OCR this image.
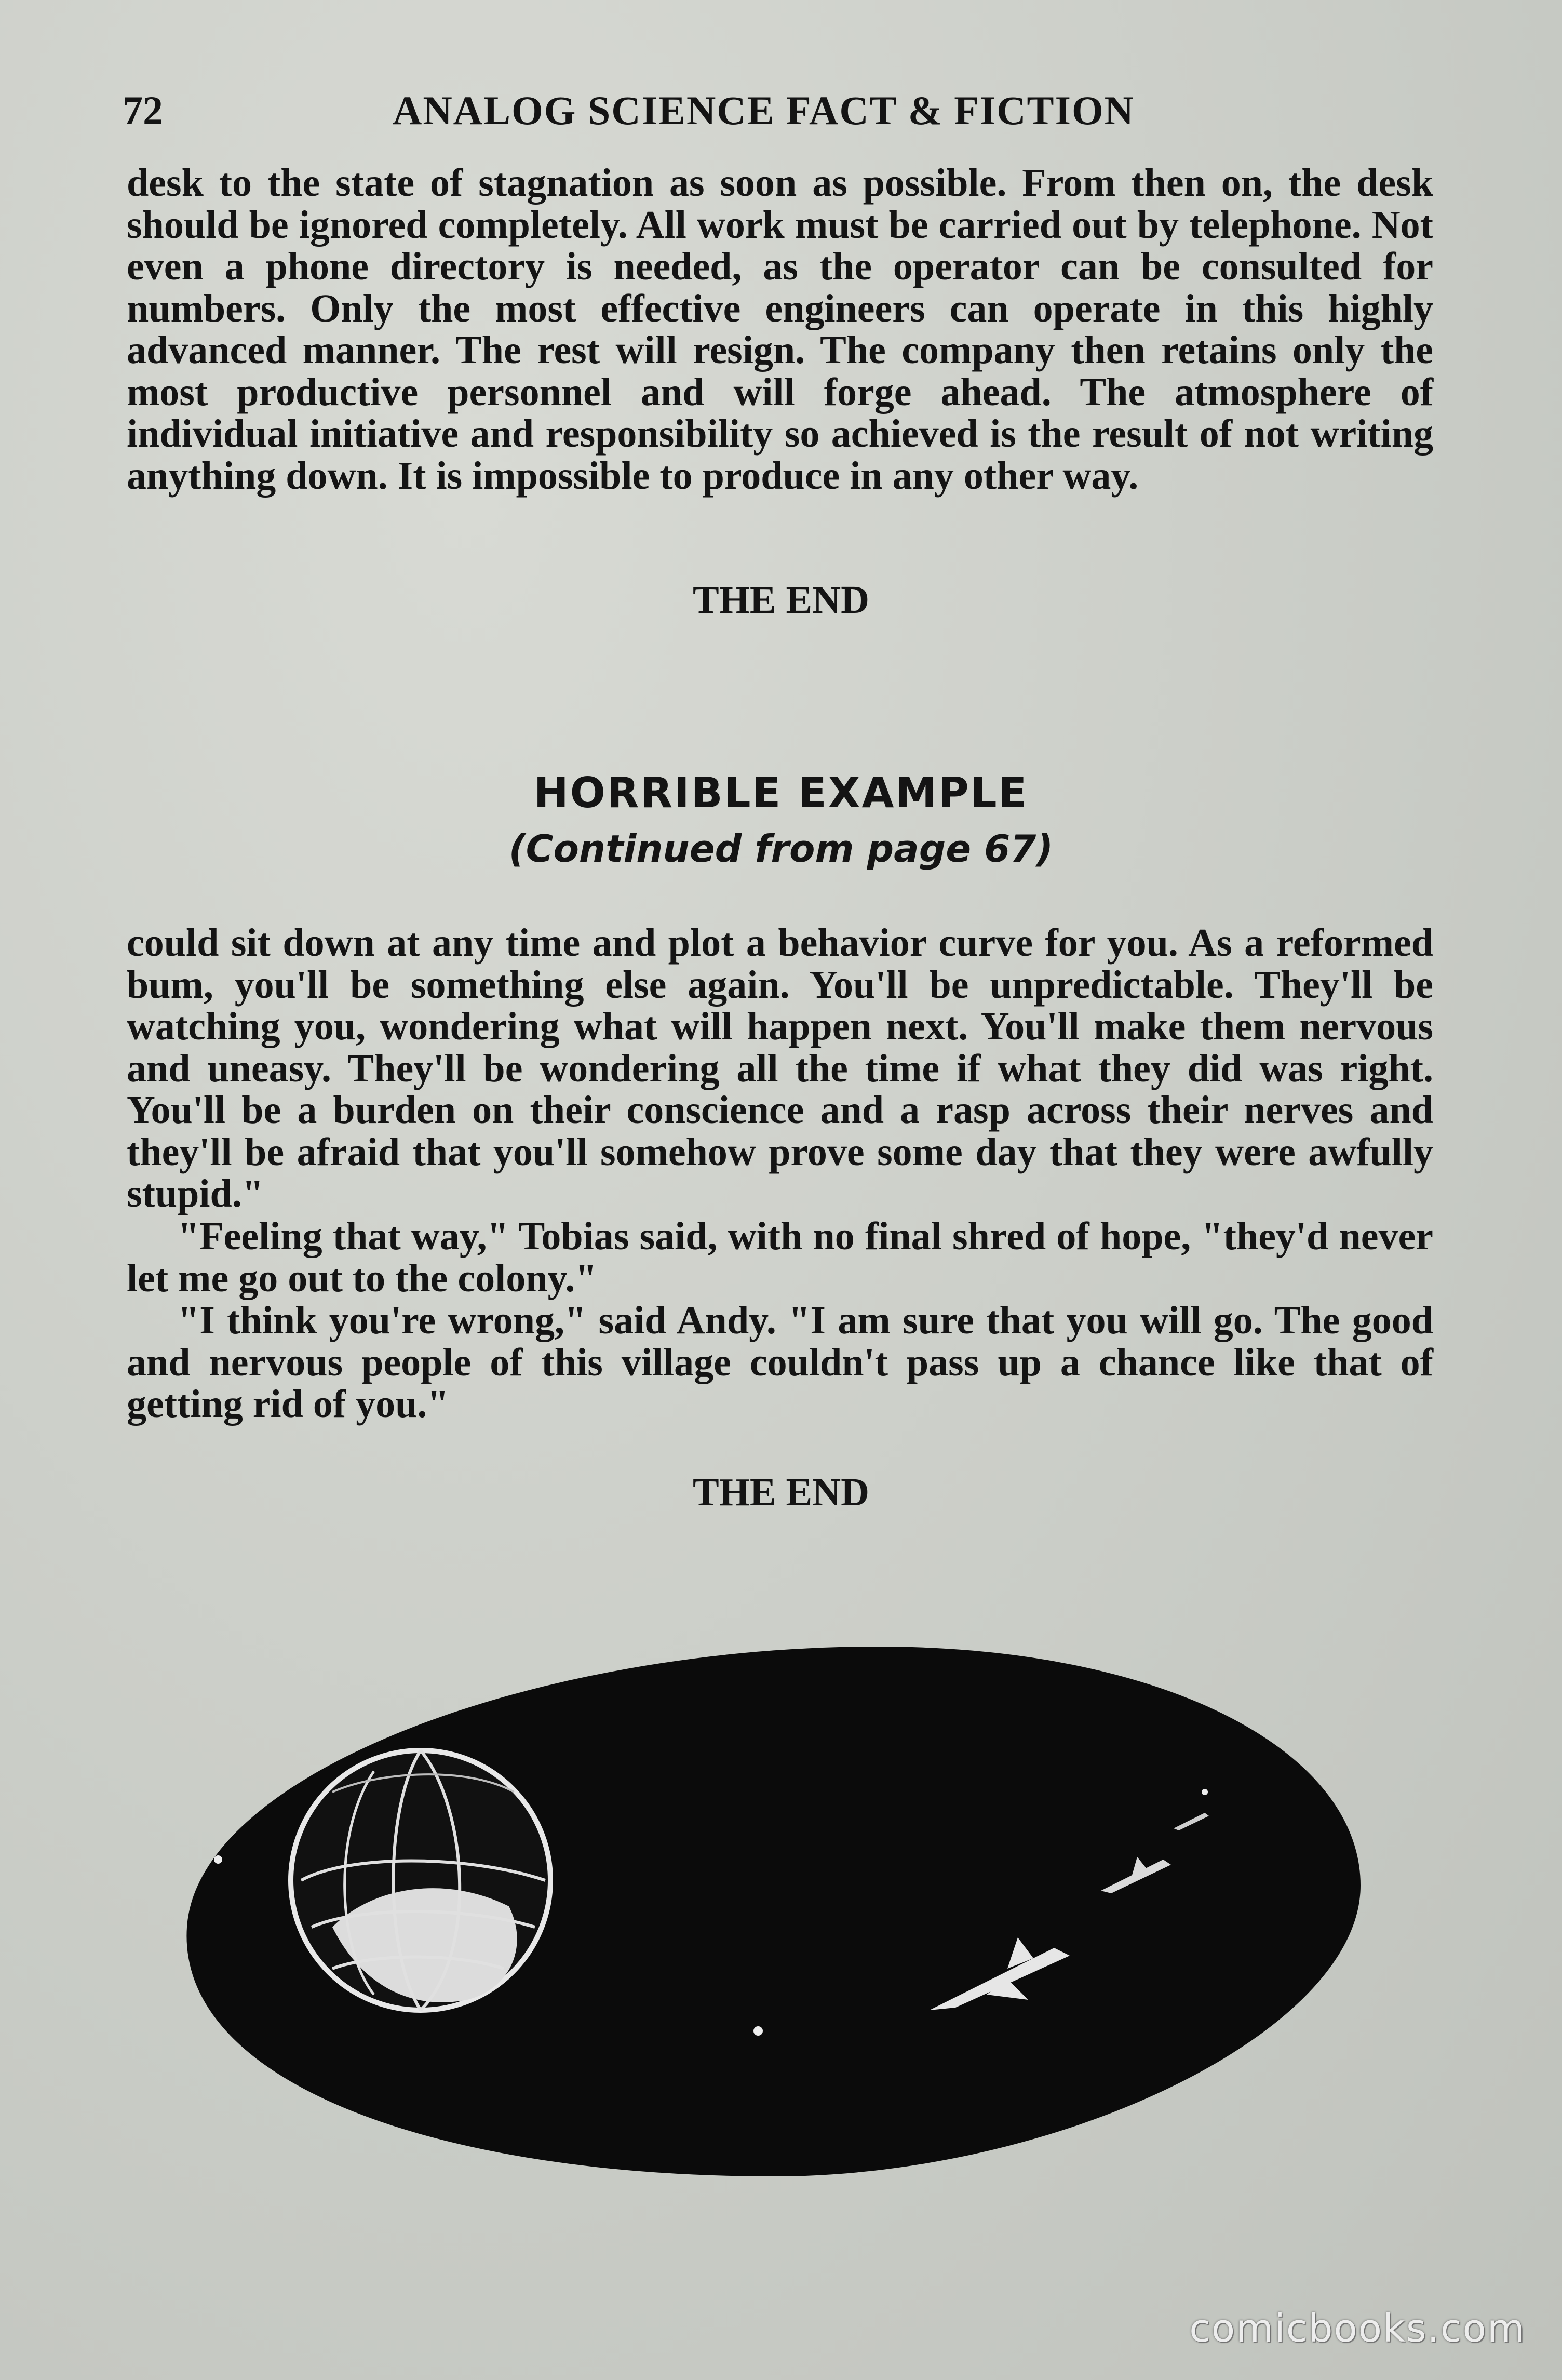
72	ANALOG SCIENCE FACT & FICTION
desk to the state of stagnation as soon as possible. From then on, the desk should be ignored completely. All work must be carried out by telephone. Not even a phone directory is needed, as the operator can be consulted for numbers. Only the most effective engineers can operate in this highly advanced manner. The rest will resign. The company then retains only the most productive personnel and will forge ahead. The atmosphere of individual initiative and responsibility so achieved is the result of not writing anything down. It is impossible to produce in any other way.
THE END
HORRIBLE EXAMPLE
(Continued from page 67)
could sit down at any time and plot a behavior curve for you. As a reformed bum, you'll be something else again. You'll be unpredictable. They'll be watching you, wondering what will happen next. You'll make them nervous and uneasy. They'll be wondering all the time if what they did was right. You'll be a burden on their conscience and a rasp across their nerves and they'll be afraid that you'll somehow prove some day that they were awfully stupid."
"Feeling that way," Tobias said, with no final shred of hope, "they'd never let me go out to the colony."
"I think you're wrong," said Andy. "I am sure that you will go. The good and nervous people of this village couldn't pass up a chance like that of getting rid of you."
THE END
comicbooks.com
